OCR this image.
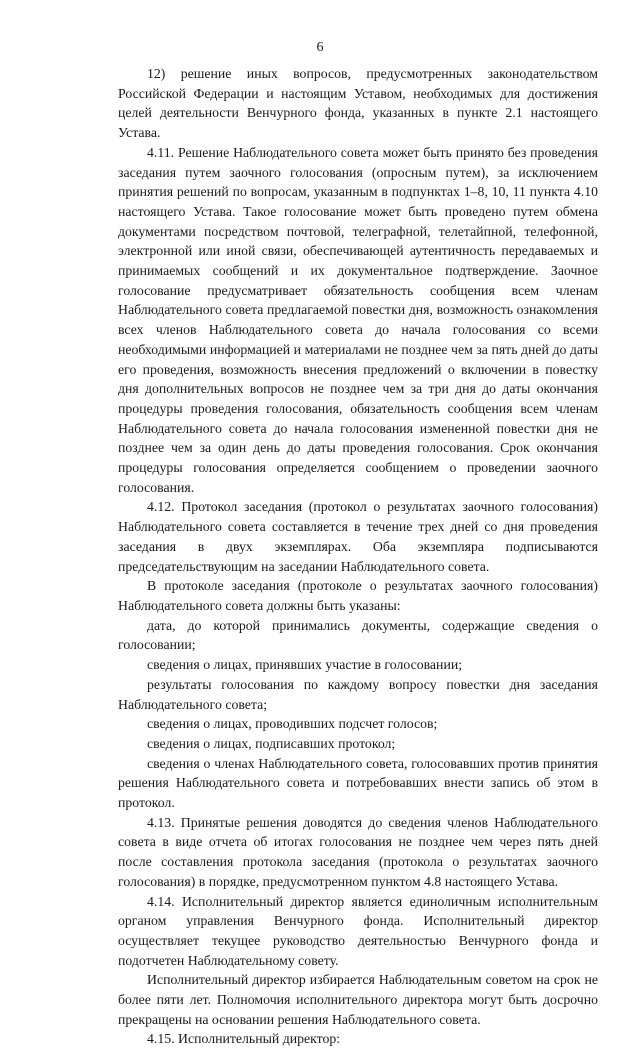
6

12) решение иных вопросов, предусмотренных законодательством Российской Федерации и настоящим Уставом, необходимых для достижения целей деятельности Венчурного фонда, указанных в пункте 2.1 настоящего Устава.

4.11. Решение Наблюдательного совета может быть принято без проведения заседания путем заочного голосования (опросным путем), за исключением принятия решений по вопросам, указанным в подпунктах 1–8, 10, 11 пункта 4.10 настоящего Устава. Такое голосование может быть проведено путем обмена документами посредством почтовой, телеграфной, телетайпной, телефонной, электронной или иной связи, обеспечивающей аутентичность передаваемых и принимаемых сообщений и их документальное подтверждение. Заочное голосование предусматривает обязательность сообщения всем членам Наблюдательного совета предлагаемой повестки дня, возможность ознакомления всех членов Наблюдательного совета до начала голосования со всеми необходимыми информацией и материалами не позднее чем за пять дней до даты его проведения, возможность внесения предложений о включении в повестку дня дополнительных вопросов не позднее чем за три дня до даты окончания процедуры проведения голосования, обязательность сообщения всем членам Наблюдательного совета до начала голосования измененной повестки дня не позднее чем за один день до даты проведения голосования. Срок окончания процедуры голосования определяется сообщением о проведении заочного голосования.

4.12. Протокол заседания (протокол о результатах заочного голосования) Наблюдательного совета составляется в течение трех дней со дня проведения заседания в двух экземплярах. Оба экземпляра подписываются председательствующим на заседании Наблюдательного совета.

В протоколе заседания (протоколе о результатах заочного голосования) Наблюдательного совета должны быть указаны:

дата, до которой принимались документы, содержащие сведения о голосовании;

сведения о лицах, принявших участие в голосовании;

результаты голосования по каждому вопросу повестки дня заседания Наблюдательного совета;

сведения о лицах, проводивших подсчет голосов;

сведения о лицах, подписавших протокол;

сведения о членах Наблюдательного совета, голосовавших против принятия решения Наблюдательного совета и потребовавших внести запись об этом в протокол.

4.13. Принятые решения доводятся до сведения членов Наблюдательного совета в виде отчета об итогах голосования не позднее чем через пять дней после составления протокола заседания (протокола о результатах заочного голосования) в порядке, предусмотренном пунктом 4.8 настоящего Устава.

4.14. Исполнительный директор является единоличным исполнительным органом управления Венчурного фонда. Исполнительный директор осуществляет текущее руководство деятельностью Венчурного фонда и подотчетен Наблюдательному совету.

Исполнительный директор избирается Наблюдательным советом на срок не более пяти лет. Полномочия исполнительного директора могут быть досрочно прекращены на основании решения Наблюдательного совета.

4.15. Исполнительный директор:
